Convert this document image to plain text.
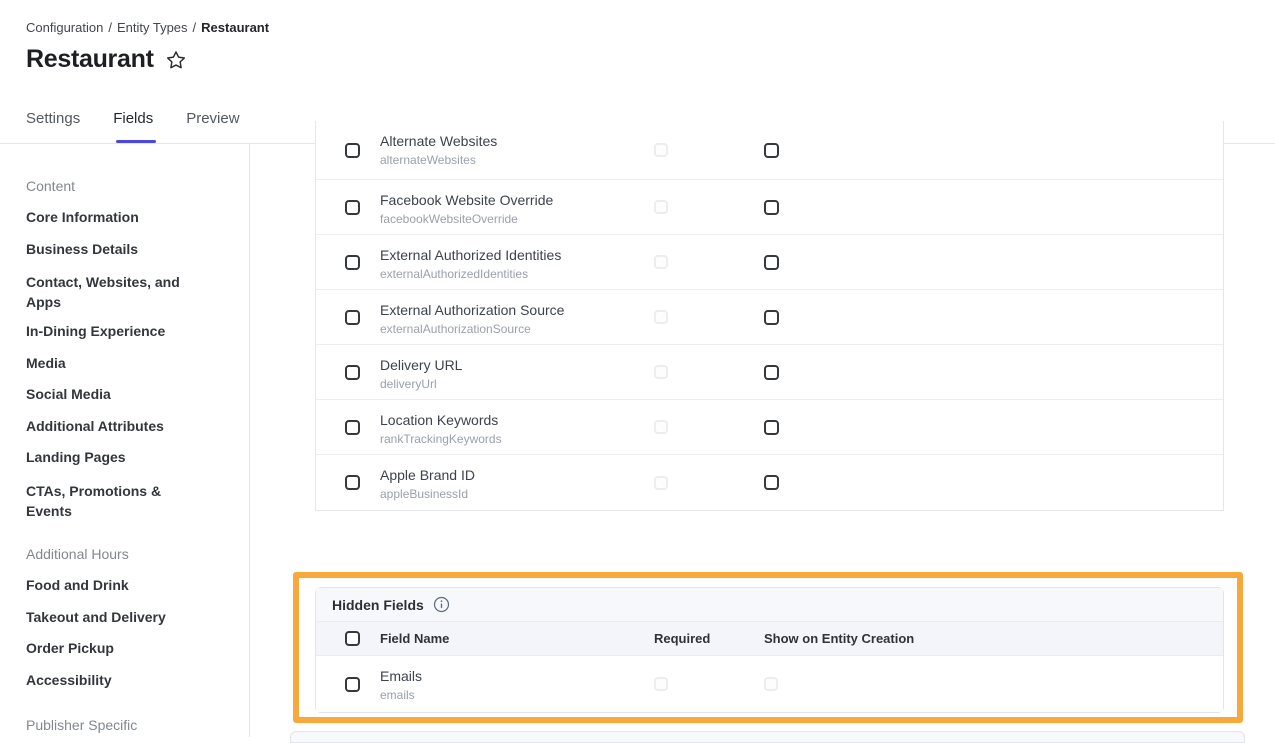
Configuration / Entity Types / Restaurant
Restaurant
Settings Fields Preview
Content
Core Information
Business Details
Contact, Websites, and Apps
In-Dining Experience
Media
Social Media
Additional Attributes
Landing Pages
CTAs, Promotions & Events
Additional Hours
Food and Drink
Takeout and Delivery
Order Pickup
Accessibility
Publisher Specific
Alternate Websites
alternateWebsites
Facebook Website Override
facebookWebsiteOverride
External Authorized Identities
externalAuthorizedIdentities
External Authorization Source
externalAuthorizationSource
Delivery URL
deliveryUrl
Location Keywords
rankTrackingKeywords
Apple Brand ID
appleBusinessId
Hidden Fields
Field Name	Required	Show on Entity Creation
Emails
emails
